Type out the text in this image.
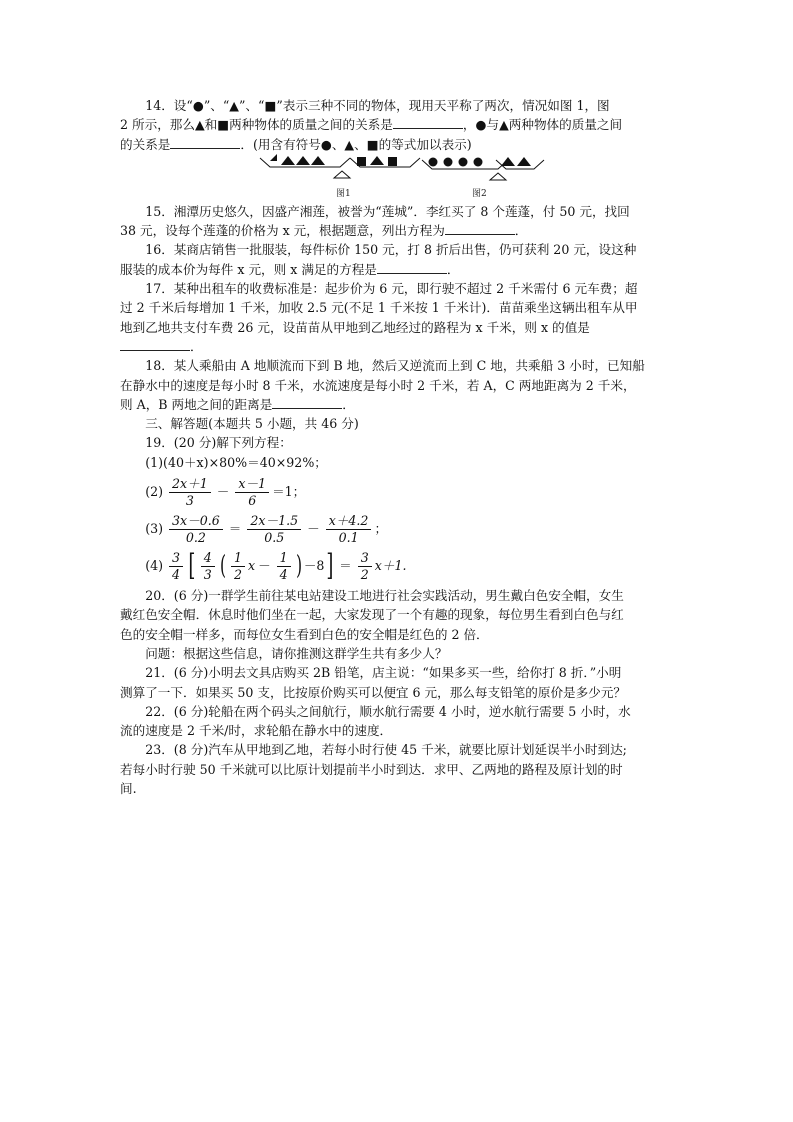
14．设“●”、“▲”、“■”表示三种不同的物体，现用天平称了两次，情况如图 1，图

2 所示，那么▲和■两种物体的质量之间的关系是	，●与▲两种物体的质量之间

的关系是	．(用含有符号●、▲、■的等式加以表示)

图1	图2

15．湘潭历史悠久，因盛产湘莲，被誉为“莲城”．李红买了 8 个莲蓬，付 50 元，找回

38 元，设每个莲蓬的价格为 x 元，根据题意，列出方程为	．

16．某商店销售一批服装，每件标价 150 元，打 8 折后出售，仍可获利 20 元，设这种

服装的成本价为每件 x 元，则 x 满足的方程是	．

17．某种出租车的收费标准是：起步价为 6 元，即行驶不超过 2 千米需付 6 元车费；超

过 2 千米后每增加 1 千米，加收 2.5 元(不足 1 千米按 1 千米计)．苗苗乘坐这辆出租车从甲

地到乙地共支付车费 26 元，设苗苗从甲地到乙地经过的路程为 x 千米，则 x 的值是

．

18．某人乘船由 A 地顺流而下到 B 地，然后又逆流而上到 C 地，共乘船 3 小时，已知船

在静水中的速度是每小时 8 千米，水流速度是每小时 2 千米，若 A，C 两地距离为 2 千米，

则 A，B 两地之间的距离是	．

三、解答题(本题共 5 小题，共 46 分)

19．(20 分)解下列方程：

(1)(40＋x)×80%＝40×92%；

$(2) \frac{2x+1}{3} - \frac{x-1}{6} =1$；
$(3) \frac{3x-0.6}{0.2} = \frac{2x-1.5}{0.5} - \frac{x+4.2}{0.1}$ ；
$(4) \frac{3}{4}$ [ $\frac{4}{3}$ ( $\frac{1}{2}$ $x - \frac{1}{4}$ ) －8 ] ＝ $\frac{3}{2} x+1$.

20．(6 分)一群学生前往某电站建设工地进行社会实践活动，男生戴白色安全帽，女生

戴红色安全帽．休息时他们坐在一起，大家发现了一个有趣的现象，每位男生看到白色与红

色的安全帽一样多，而每位女生看到白色的安全帽是红色的 2 倍．

问题：根据这些信息，请你推测这群学生共有多少人？

21．(6 分)小明去文具店购买 2B 铅笔，店主说：“如果多买一些，给你打 8 折．”小明

测算了一下．如果买 50 支，比按原价购买可以便宜 6 元，那么每支铅笔的原价是多少元？

22．(6 分)轮船在两个码头之间航行，顺水航行需要 4 小时，逆水航行需要 5 小时，水

流的速度是 2 千米/时，求轮船在静水中的速度．

23．(8 分)汽车从甲地到乙地，若每小时行使 45 千米，就要比原计划延误半小时到达;

若每小时行驶 50 千米就可以比原计划提前半小时到达．求甲、乙两地的路程及原计划的时

间.
